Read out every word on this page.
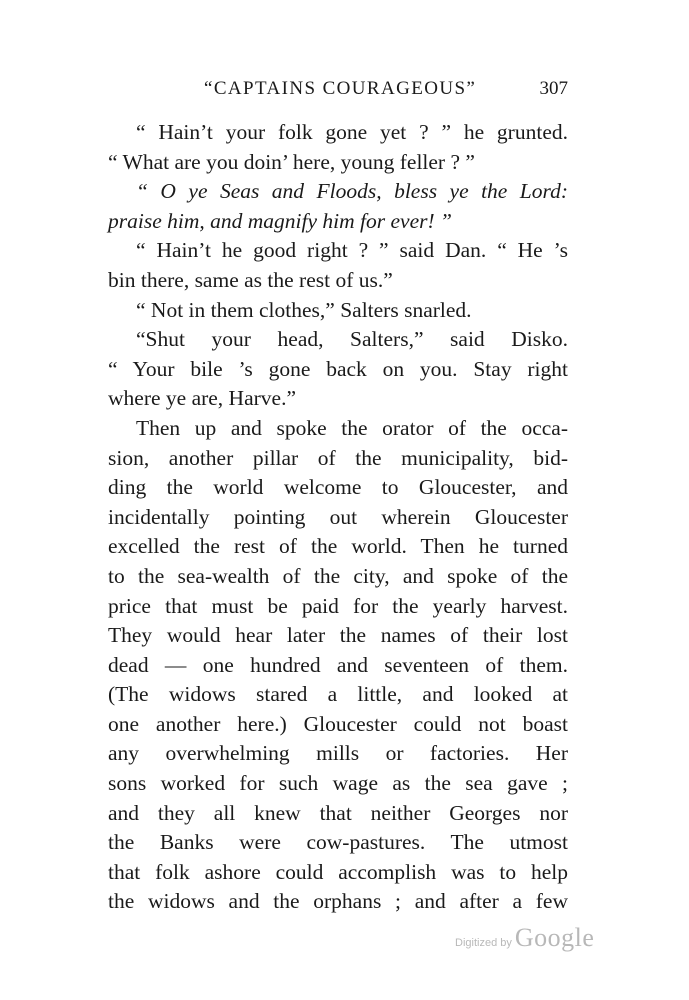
“CAPTAINS COURAGEOUS”	307
“ Hain’t your folk gone yet ? ” he grunted.
“ What are you doin’ here, young feller ? ”
“ O ye Seas and Floods, bless ye the Lord:
praise him, and magnify him for ever! ”
“ Hain’t he good right ? ” said Dan. “ He ’s
bin there, same as the rest of us.”
“ Not in them clothes,” Salters snarled.
“Shut your head, Salters,” said Disko.
“ Your bile ’s gone back on you. Stay right
where ye are, Harve.”
Then up and spoke the orator of the occa-
sion, another pillar of the municipality, bid-
ding the world welcome to Gloucester, and
incidentally pointing out wherein Gloucester
excelled the rest of the world. Then he turned
to the sea-wealth of the city, and spoke of the
price that must be paid for the yearly harvest.
They would hear later the names of their lost
dead — one hundred and seventeen of them.
(The widows stared a little, and looked at
one another here.) Gloucester could not boast
any overwhelming mills or factories. Her
sons worked for such wage as the sea gave ;
and they all knew that neither Georges nor
the Banks were cow-pastures. The utmost
that folk ashore could accomplish was to help
the widows and the orphans ; and after a few
Digitized by Google
